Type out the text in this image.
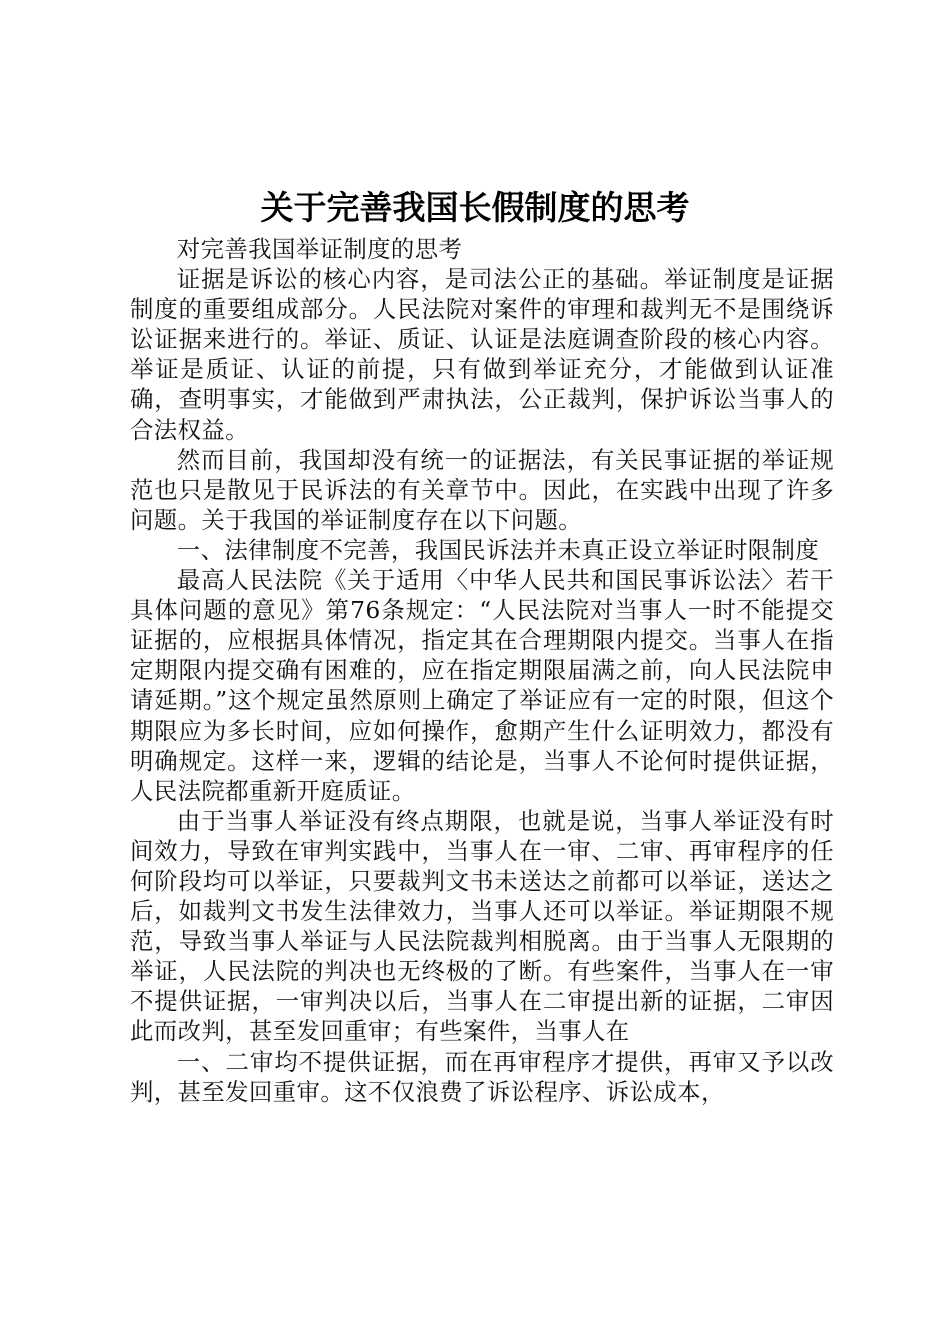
关于完善我国长假制度的思考

对完善我国举证制度的思考

证据是诉讼的核心内容，是司法公正的基础。举证制度是证据制度的重要组成部分。人民法院对案件的审理和裁判无不是围绕诉讼证据来进行的。举证、质证、认证是法庭调查阶段的核心内容。举证是质证、认证的前提，只有做到举证充分，才能做到认证准确，查明事实，才能做到严肃执法，公正裁判，保护诉讼当事人的合法权益。

然而目前，我国却没有统一的证据法，有关民事证据的举证规范也只是散见于民诉法的有关章节中。因此，在实践中出现了许多问题。关于我国的举证制度存在以下问题。

一、法律制度不完善，我国民诉法并未真正设立举证时限制度

最高人民法院《关于适用〈中华人民共和国民事诉讼法〉若干具体问题的意见》第76条规定：“人民法院对当事人一时不能提交证据的，应根据具体情况，指定其在合理期限内提交。当事人在指定期限内提交确有困难的，应在指定期限届满之前，向人民法院申请延期。”这个规定虽然原则上确定了举证应有一定的时限，但这个期限应为多长时间，应如何操作，愈期产生什么证明效力，都没有明确规定。这样一来，逻辑的结论是，当事人不论何时提供证据，人民法院都重新开庭质证。

由于当事人举证没有终点期限，也就是说，当事人举证没有时间效力，导致在审判实践中，当事人在一审、二审、再审程序的任何阶段均可以举证，只要裁判文书未送达之前都可以举证，送达之后，如裁判文书发生法律效力，当事人还可以举证。举证期限不规范，导致当事人举证与人民法院裁判相脱离。由于当事人无限期的举证，人民法院的判决也无终极的了断。有些案件，当事人在一审不提供证据，一审判决以后，当事人在二审提出新的证据，二审因此而改判，甚至发回重审；有些案件，当事人在

一、二审均不提供证据，而在再审程序才提供，再审又予以改判，甚至发回重审。这不仅浪费了诉讼程序、诉讼成本，
